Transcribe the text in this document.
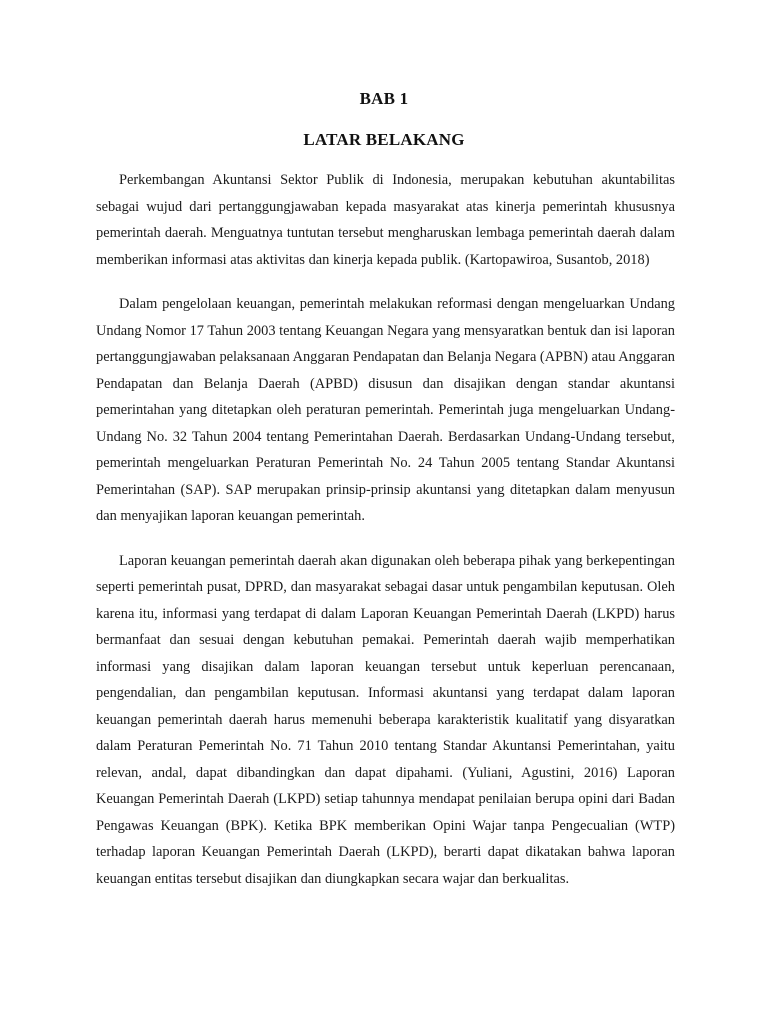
BAB 1
LATAR BELAKANG

Perkembangan Akuntansi Sektor Publik di Indonesia, merupakan kebutuhan akuntabilitas sebagai wujud dari pertanggungjawaban kepada masyarakat atas kinerja pemerintah khususnya pemerintah daerah. Menguatnya tuntutan tersebut mengharuskan lembaga pemerintah daerah dalam memberikan informasi atas aktivitas dan kinerja kepada publik. (Kartopawiroa, Susantob, 2018)

Dalam pengelolaan keuangan, pemerintah melakukan reformasi dengan mengeluarkan Undang Undang Nomor 17 Tahun 2003 tentang Keuangan Negara yang mensyaratkan bentuk dan isi laporan pertanggungjawaban pelaksanaan Anggaran Pendapatan dan Belanja Negara (APBN) atau Anggaran Pendapatan dan Belanja Daerah (APBD) disusun dan disajikan dengan standar akuntansi pemerintahan yang ditetapkan oleh peraturan pemerintah. Pemerintah juga mengeluarkan Undang-Undang No. 32 Tahun 2004 tentang Pemerintahan Daerah. Berdasarkan Undang-Undang tersebut, pemerintah mengeluarkan Peraturan Pemerintah No. 24 Tahun 2005 tentang Standar Akuntansi Pemerintahan (SAP). SAP merupakan prinsip-prinsip akuntansi yang ditetapkan dalam menyusun dan menyajikan laporan keuangan pemerintah.

Laporan keuangan pemerintah daerah akan digunakan oleh beberapa pihak yang berkepentingan seperti pemerintah pusat, DPRD, dan masyarakat sebagai dasar untuk pengambilan keputusan. Oleh karena itu, informasi yang terdapat di dalam Laporan Keuangan Pemerintah Daerah (LKPD) harus bermanfaat dan sesuai dengan kebutuhan pemakai. Pemerintah daerah wajib memperhatikan informasi yang disajikan dalam laporan keuangan tersebut untuk keperluan perencanaan, pengendalian, dan pengambilan keputusan. Informasi akuntansi yang terdapat dalam laporan keuangan pemerintah daerah harus memenuhi beberapa karakteristik kualitatif yang disyaratkan dalam Peraturan Pemerintah No. 71 Tahun 2010 tentang Standar Akuntansi Pemerintahan, yaitu relevan, andal, dapat dibandingkan dan dapat dipahami. (Yuliani, Agustini, 2016) Laporan Keuangan Pemerintah Daerah (LKPD) setiap tahunnya mendapat penilaian berupa opini dari Badan Pengawas Keuangan (BPK). Ketika BPK memberikan Opini Wajar tanpa Pengecualian (WTP) terhadap laporan Keuangan Pemerintah Daerah (LKPD), berarti dapat dikatakan bahwa laporan keuangan entitas tersebut disajikan dan diungkapkan secara wajar dan berkualitas.
